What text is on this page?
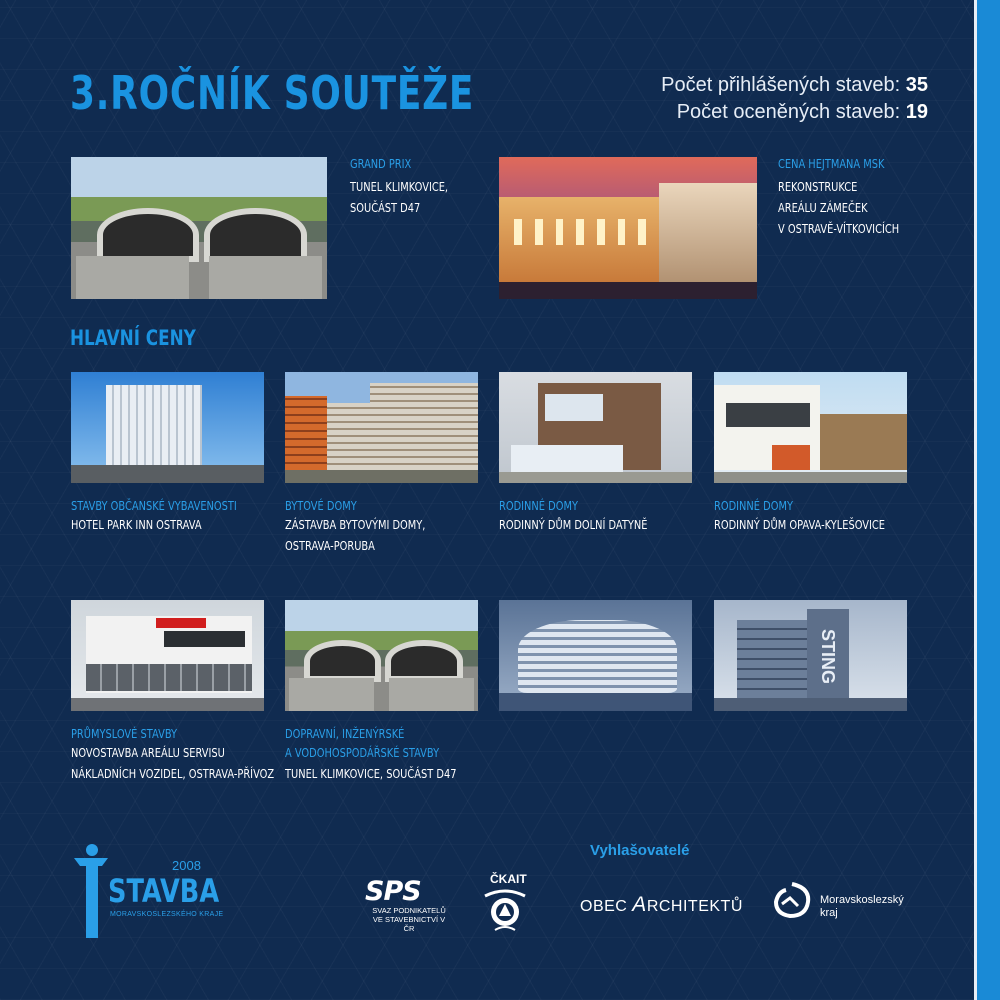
3.ROČNÍK SOUTĚŽE	Počet přihlášených staveb: 35
Počet oceněných staveb: 19

GRAND PRIX

TUNEL KLIMKOVICE,

SOUČÁST D47

CENA HEJTMANA MSK

REKONSTRUKCE

AREÁLU ZÁMEČEK

V OSTRAVĚ-VÍTKOVICÍCH

HLAVNÍ CENY

STAVBY OBČANSKÉ VYBAVENOSTI

HOTEL PARK INN OSTRAVA

BYTOVÉ DOMY

ZÁSTAVBA BYTOVÝMI DOMY,

OSTRAVA-PORUBA

RODINNÉ DOMY

RODINNÝ DŮM DOLNÍ DATYNĚ

RODINNÉ DOMY

RODINNÝ DŮM OPAVA-KYLEŠOVICE

PRŮMYSLOVÉ STAVBY

NOVOSTAVBA AREÁLU SERVISU

NÁKLADNÍCH VOZIDEL, OSTRAVA-PŘÍVOZ

DOPRAVNÍ, INŽENÝRSKÉ

A VODOHOSPODÁŘSKÉ STAVBY

TUNEL KLIMKOVICE, SOUČÁST D47

STING

Vyhlašovatelé

SPS
SVAZ PODNIKATELŮ VE STAVEBNICTVÍ V ČR
ČKAIT
OBEC ARCHITEKTŮ	Moravskoslezský
kraj

2008

STAVBA

MORAVSKOSLEZSKÉHO KRAJE
